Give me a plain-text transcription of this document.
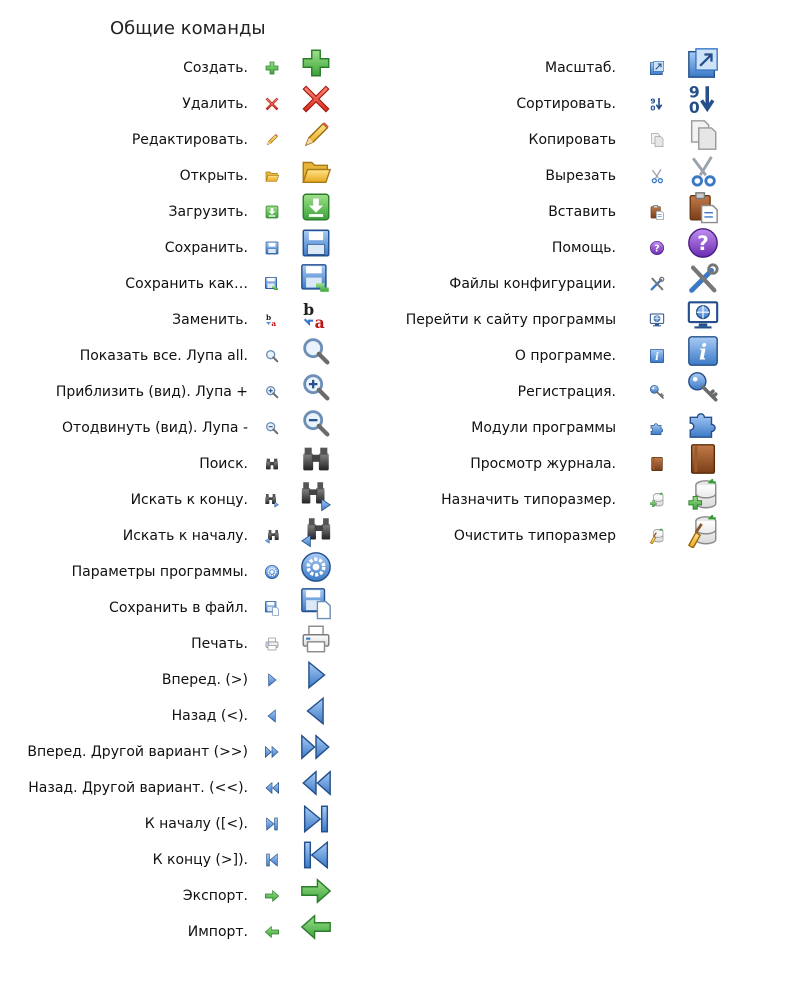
Общие команды
Создать.
Удалить.
Редактировать.
Открыть.
Загрузить.
Сохранить.
Сохранить как…
Заменить. b
a
b
a
Показать все. Лупа all.
Приблизить (вид). Лупа +
Отодвинуть (вид). Лупа -
Поиск.
Искать к концу.
Искать к началу.
Параметры программы.
Сохранить в файл.
Печать.
Вперед. (>)
Назад (<).
Вперед. Другой вариант (>>)
Назад. Другой вариант. (<<).
К началу ([<).
К концу (>]).
Экспорт.
Импорт.
Масштаб.
Сортировать.	9
0
9
0
Копировать
Вырезать
Вставить
Помощь.	?	?
Файлы конфигурации.
Перейти к сайту программы
О программе.	i	i
Регистрация.
Модули программы
Просмотр журнала.
Назначить типоразмер.
Очистить типоразмер
